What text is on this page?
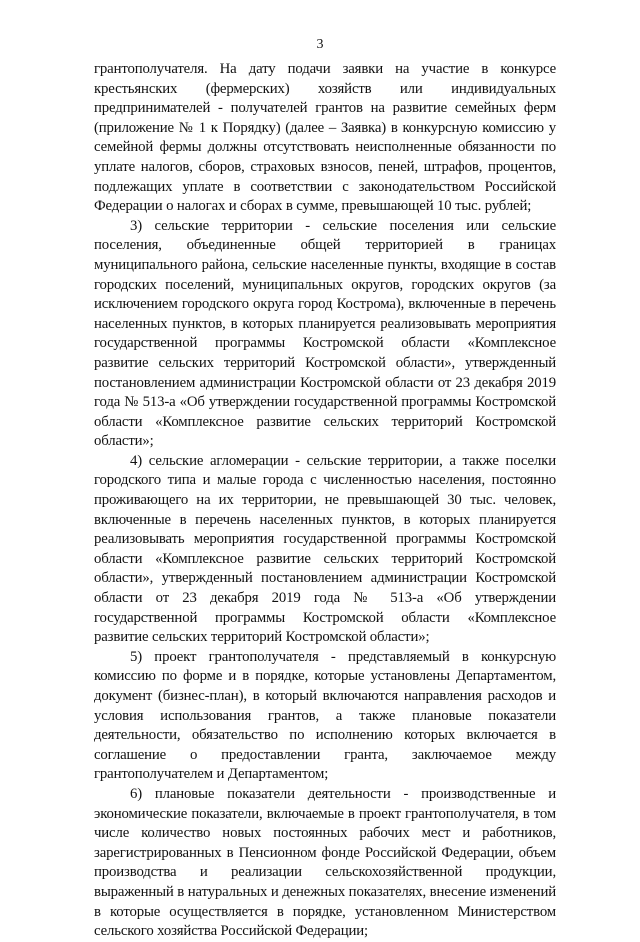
3

грантополучателя. На дату подачи заявки на участие в конкурсе крестьянских (фермерских) хозяйств или индивидуальных предпринимателей - получателей грантов на развитие семейных ферм (приложение № 1 к Порядку) (далее – Заявка) в конкурсную комиссию у семейной фермы должны отсутствовать неисполненные обязанности по уплате налогов, сборов, страховых взносов, пеней, штрафов, процентов, подлежащих уплате в соответствии с законодательством Российской Федерации о налогах и сборах в сумме, превышающей 10 тыс. рублей;

3) сельские территории - сельские поселения или сельские поселения, объединенные общей территорией в границах муниципального района, сельские населенные пункты, входящие в состав городских поселений, муниципальных округов, городских округов (за исключением городского округа город Кострома), включенные в перечень населенных пунктов, в которых планируется реализовывать мероприятия государственной программы Костромской области «Комплексное развитие сельских территорий Костромской области», утвержденный постановлением администрации Костромской области от 23 декабря 2019 года № 513-а «Об утверждении государственной программы Костромской области «Комплексное развитие сельских территорий Костромской области»;

4) сельские агломерации - сельские территории, а также поселки городского типа и малые города с численностью населения, постоянно проживающего на их территории, не превышающей 30 тыс. человек, включенные в перечень населенных пунктов, в которых планируется реализовывать мероприятия государственной программы Костромской области «Комплексное развитие сельских территорий Костромской области», утвержденный постановлением администрации Костромской области от 23 декабря 2019 года № 513-а «Об утверждении государственной программы Костромской области «Комплексное развитие сельских территорий Костромской области»;

5) проект грантополучателя - представляемый в конкурсную комиссию по форме и в порядке, которые установлены Департаментом, документ (бизнес-план), в который включаются направления расходов и условия использования грантов, а также плановые показатели деятельности, обязательство по исполнению которых включается в соглашение о предоставлении гранта, заключаемое между грантополучателем и Департаментом;

6) плановые показатели деятельности - производственные и экономические показатели, включаемые в проект грантополучателя, в том числе количество новых постоянных рабочих мест и работников, зарегистрированных в Пенсионном фонде Российской Федерации, объем производства и реализации сельскохозяйственной продукции, выраженный в натуральных и денежных показателях, внесение изменений в которые осуществляется в порядке, установленном Министерством сельского хозяйства Российской Федерации;
